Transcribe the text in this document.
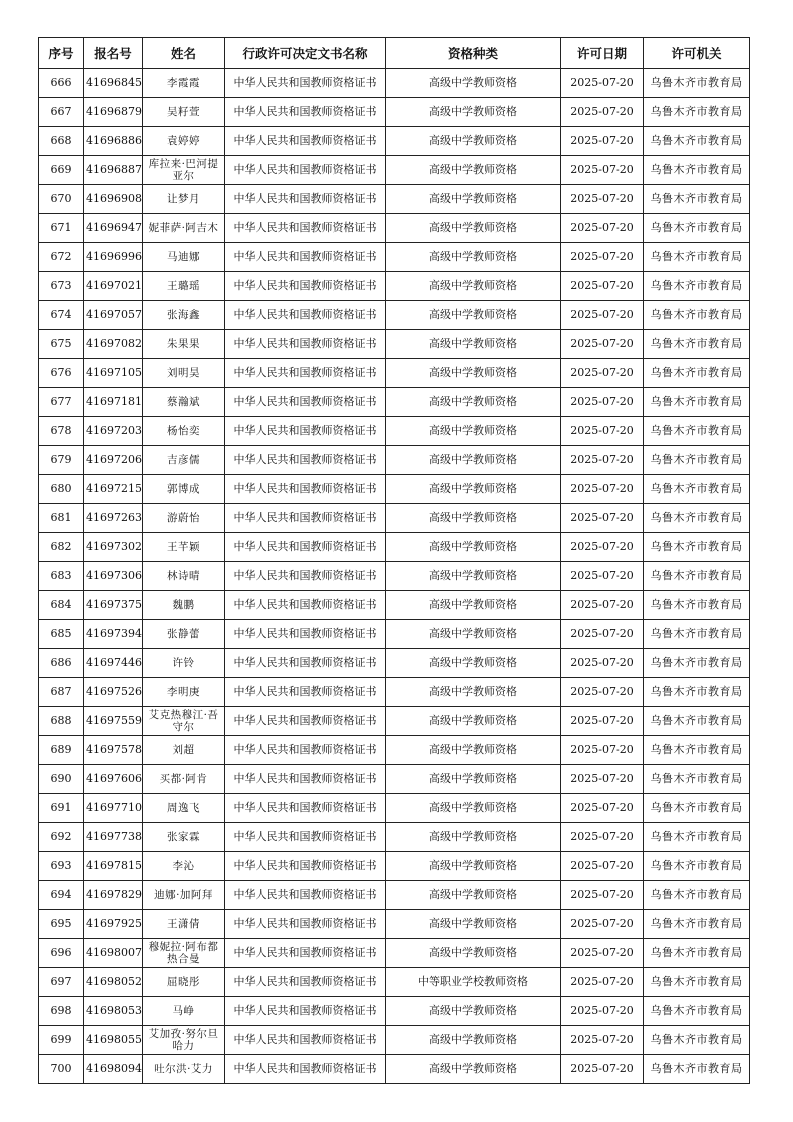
序号	报名号	姓名	行政许可决定文书名称	资格种类	许可日期	许可机关
666	41696845	李霞霞	中华人民共和国教师资格证书	高级中学教师资格	2025-07-20	乌鲁木齐市教育局
667	41696879	吴籽萱	中华人民共和国教师资格证书	高级中学教师资格	2025-07-20	乌鲁木齐市教育局
668	41696886	袁婷婷	中华人民共和国教师资格证书	高级中学教师资格	2025-07-20	乌鲁木齐市教育局
669	41696887	库拉来·巴河提亚尔	中华人民共和国教师资格证书	高级中学教师资格	2025-07-20	乌鲁木齐市教育局
670	41696908	让梦月	中华人民共和国教师资格证书	高级中学教师资格	2025-07-20	乌鲁木齐市教育局
671	41696947	妮菲萨·阿吉木	中华人民共和国教师资格证书	高级中学教师资格	2025-07-20	乌鲁木齐市教育局
672	41696996	马迪娜	中华人民共和国教师资格证书	高级中学教师资格	2025-07-20	乌鲁木齐市教育局
673	41697021	王璐瑶	中华人民共和国教师资格证书	高级中学教师资格	2025-07-20	乌鲁木齐市教育局
674	41697057	张海鑫	中华人民共和国教师资格证书	高级中学教师资格	2025-07-20	乌鲁木齐市教育局
675	41697082	朱果果	中华人民共和国教师资格证书	高级中学教师资格	2025-07-20	乌鲁木齐市教育局
676	41697105	刘明昊	中华人民共和国教师资格证书	高级中学教师资格	2025-07-20	乌鲁木齐市教育局
677	41697181	蔡瀚斌	中华人民共和国教师资格证书	高级中学教师资格	2025-07-20	乌鲁木齐市教育局
678	41697203	杨怡奕	中华人民共和国教师资格证书	高级中学教师资格	2025-07-20	乌鲁木齐市教育局
679	41697206	吉彦儒	中华人民共和国教师资格证书	高级中学教师资格	2025-07-20	乌鲁木齐市教育局
680	41697215	郭博成	中华人民共和国教师资格证书	高级中学教师资格	2025-07-20	乌鲁木齐市教育局
681	41697263	游蔚怡	中华人民共和国教师资格证书	高级中学教师资格	2025-07-20	乌鲁木齐市教育局
682	41697302	王芊颖	中华人民共和国教师资格证书	高级中学教师资格	2025-07-20	乌鲁木齐市教育局
683	41697306	林诗晴	中华人民共和国教师资格证书	高级中学教师资格	2025-07-20	乌鲁木齐市教育局
684	41697375	魏鹏	中华人民共和国教师资格证书	高级中学教师资格	2025-07-20	乌鲁木齐市教育局
685	41697394	张静蕾	中华人民共和国教师资格证书	高级中学教师资格	2025-07-20	乌鲁木齐市教育局
686	41697446	许铃	中华人民共和国教师资格证书	高级中学教师资格	2025-07-20	乌鲁木齐市教育局
687	41697526	李明庚	中华人民共和国教师资格证书	高级中学教师资格	2025-07-20	乌鲁木齐市教育局
688	41697559	艾克热穆江·吾守尔	中华人民共和国教师资格证书	高级中学教师资格	2025-07-20	乌鲁木齐市教育局
689	41697578	刘超	中华人民共和国教师资格证书	高级中学教师资格	2025-07-20	乌鲁木齐市教育局
690	41697606	买都·阿肯	中华人民共和国教师资格证书	高级中学教师资格	2025-07-20	乌鲁木齐市教育局
691	41697710	周逸飞	中华人民共和国教师资格证书	高级中学教师资格	2025-07-20	乌鲁木齐市教育局
692	41697738	张家霖	中华人民共和国教师资格证书	高级中学教师资格	2025-07-20	乌鲁木齐市教育局
693	41697815	李沁	中华人民共和国教师资格证书	高级中学教师资格	2025-07-20	乌鲁木齐市教育局
694	41697829	迪娜·加阿拜	中华人民共和国教师资格证书	高级中学教师资格	2025-07-20	乌鲁木齐市教育局
695	41697925	王潇倩	中华人民共和国教师资格证书	高级中学教师资格	2025-07-20	乌鲁木齐市教育局
696	41698007	穆妮拉·阿布都热合曼	中华人民共和国教师资格证书	高级中学教师资格	2025-07-20	乌鲁木齐市教育局
697	41698052	屈晓彤	中华人民共和国教师资格证书	中等职业学校教师资格	2025-07-20	乌鲁木齐市教育局
698	41698053	马峥	中华人民共和国教师资格证书	高级中学教师资格	2025-07-20	乌鲁木齐市教育局
699	41698055	艾加孜·努尔旦哈力	中华人民共和国教师资格证书	高级中学教师资格	2025-07-20	乌鲁木齐市教育局
700	41698094	吐尔洪·艾力	中华人民共和国教师资格证书	高级中学教师资格	2025-07-20	乌鲁木齐市教育局
